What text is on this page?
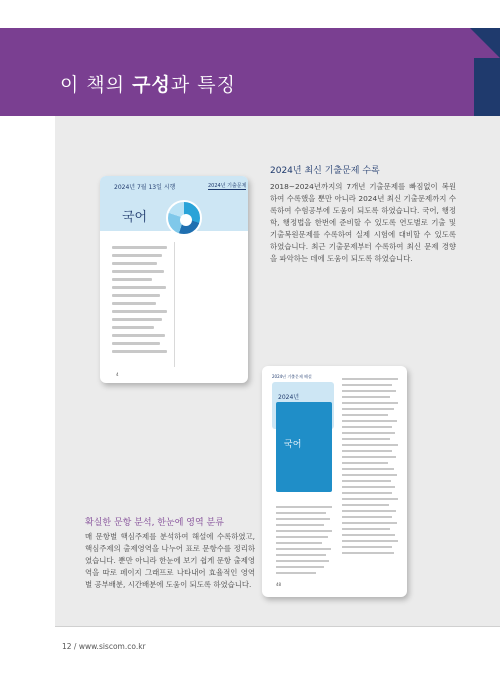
이 책의 구성과 특징
2024년 7월 13일 시행	2024년 기출문제
국어
4	2024년 기출문제 해설
2024년
국어
48
2024년 최신 기출문제 수록
2018~2024년까지의 7개년 기출문제를 빠짐없이 복원하여 수록했을 뿐만 아니라 2024년 최신 기출문제까지 수록하여 수험공부에 도움이 되도록 하였습니다. 국어, 행정학, 행정법을 한번에 준비할 수 있도록 연도별로 기출 및 기출복원문제를 수록하여 실제 시험에 대비할 수 있도록 하였습니다. 최근 기출문제부터 수록하여 최신 문제 경향을 파악하는 데에 도움이 되도록 하였습니다.
확실한 문항 분석, 한눈에 영역 분류
매 문항별 핵심주제를 분석하여 해설에 수록하였고, 핵심주제의 출제영역을 나누어 표로 문항수를 정리하였습니다. 뿐만 아니라 한눈에 보기 쉽게 문항 출제영역을 따로 페이지 그래프로 나타내어 효율적인 영역별 공부배분, 시간배분에 도움이 되도록 하였습니다.
12 / www.siscom.co.kr
